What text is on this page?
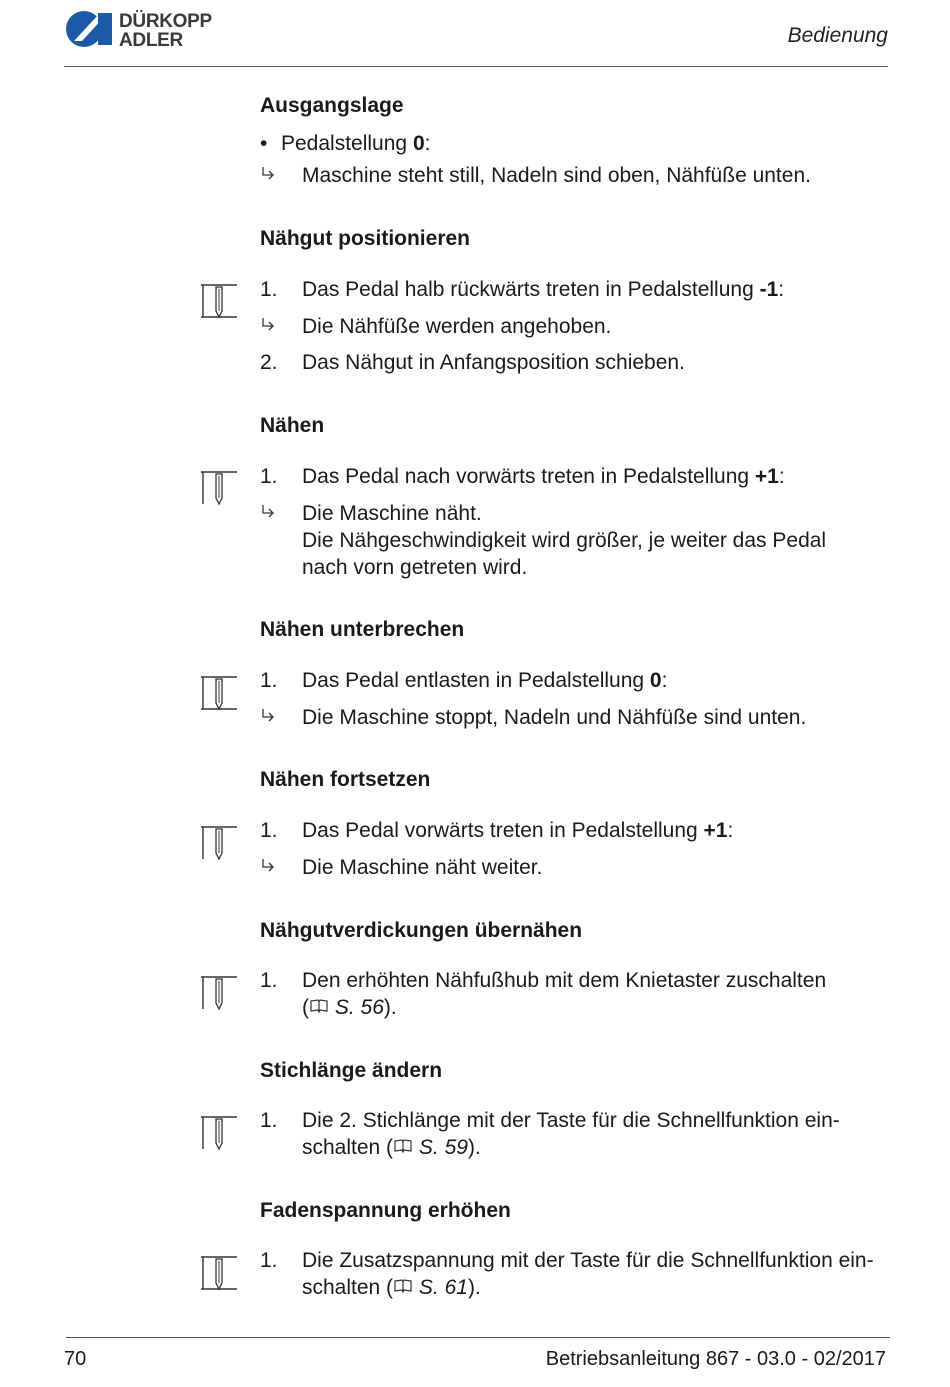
DÜRKOPP
ADLER	Bedienung
Ausgangslage
• Pedalstellung 0:
Maschine steht still, Nadeln sind oben, Nähfüße unten.
Nähgut positionieren
1.	Das Pedal halb rückwärts treten in Pedalstellung -1:
Die Nähfüße werden angehoben.
2.	Das Nähgut in Anfangsposition schieben.
Nähen
1.	Das Pedal nach vorwärts treten in Pedalstellung +1:
Die Maschine näht.
Die Nähgeschwindigkeit wird größer, je weiter das Pedal
nach vorn getreten wird.
Nähen unterbrechen
1.	Das Pedal entlasten in Pedalstellung 0:
Die Maschine stoppt, Nadeln und Nähfüße sind unten.
Nähen fortsetzen
1.	Das Pedal vorwärts treten in Pedalstellung +1:
Die Maschine näht weiter.
Nähgutverdickungen übernähen
1.	Den erhöhten Nähfußhub mit dem Knietaster zuschalten
( S. 56).
Stichlänge ändern
1.	Die 2. Stichlänge mit der Taste für die Schnellfunktion ein-
schalten ( S. 59).
Fadenspannung erhöhen
1.	Die Zusatzspannung mit der Taste für die Schnellfunktion ein-
schalten ( S. 61).
70	Betriebsanleitung 867 - 03.0 - 02/2017
